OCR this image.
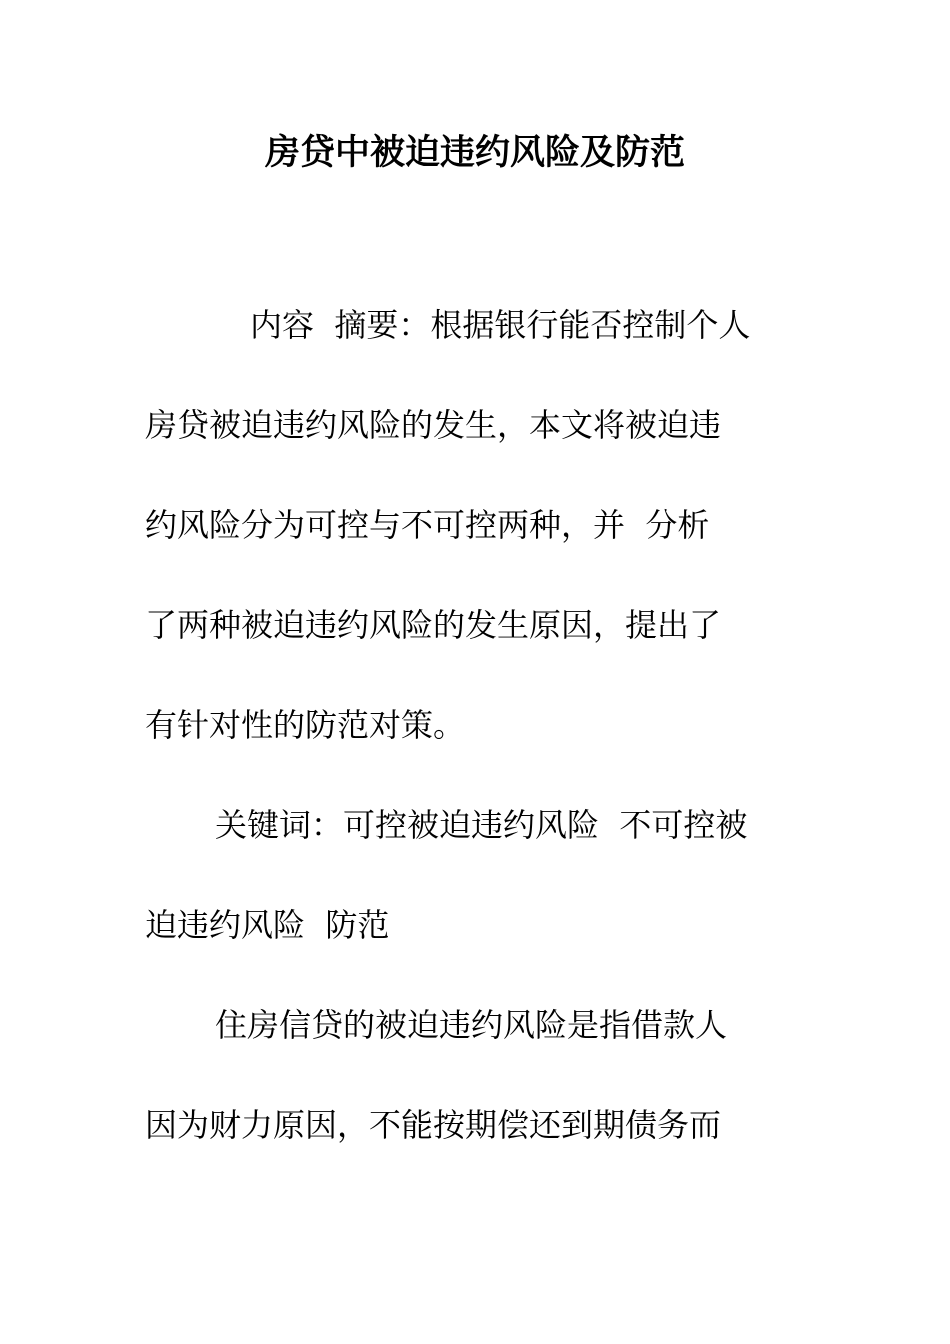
房贷中被迫违约风险及防范
内容  摘要：根据银行能否控制个人
房贷被迫违约风险的发生，本文将被迫违
约风险分为可控与不可控两种，并  分析
了两种被迫违约风险的发生原因，提出了
有针对性的防范对策。
关键词：可控被迫违约风险  不可控被
迫违约风险  防范
住房信贷的被迫违约风险是指借款人
因为财力原因，不能按期偿还到期债务而
